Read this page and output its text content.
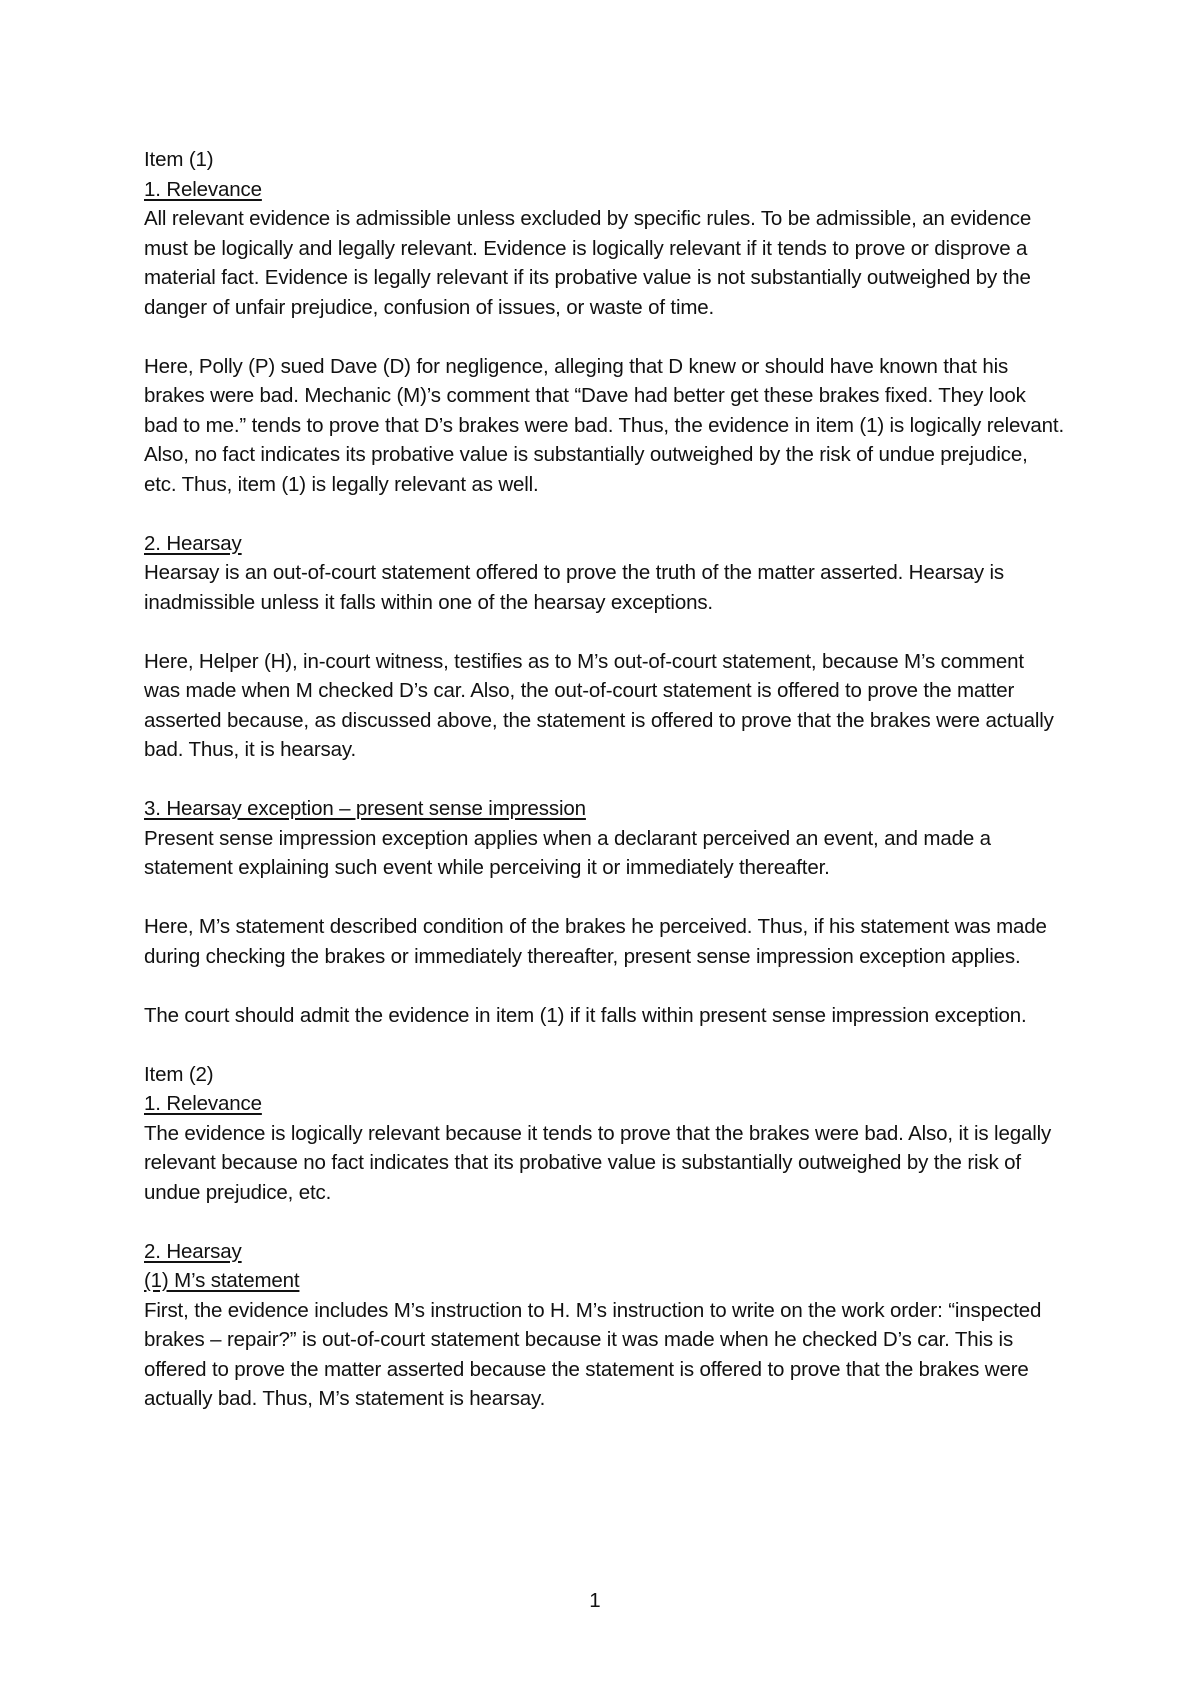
Item (1)

1. Relevance

All relevant evidence is admissible unless excluded by specific rules. To be admissible, an evidence must be logically and legally relevant. Evidence is logically relevant if it tends to prove or disprove a material fact. Evidence is legally relevant if its probative value is not substantially outweighed by the danger of unfair prejudice, confusion of issues, or waste of time.

Here, Polly (P) sued Dave (D) for negligence, alleging that D knew or should have known that his brakes were bad. Mechanic (M)’s comment that “Dave had better get these brakes fixed. They look bad to me.” tends to prove that D’s brakes were bad. Thus, the evidence in item (1) is logically relevant. Also, no fact indicates its probative value is substantially outweighed by the risk of undue prejudice, etc. Thus, item (1) is legally relevant as well.

2. Hearsay

Hearsay is an out-of-court statement offered to prove the truth of the matter asserted. Hearsay is inadmissible unless it falls within one of the hearsay exceptions.

Here, Helper (H), in-court witness, testifies as to M’s out-of-court statement, because M’s comment was made when M checked D’s car. Also, the out-of-court statement is offered to prove the matter asserted because, as discussed above, the statement is offered to prove that the brakes were actually bad. Thus, it is hearsay.

3. Hearsay exception – present sense impression

Present sense impression exception applies when a declarant perceived an event, and made a statement explaining such event while perceiving it or immediately thereafter.

Here, M’s statement described condition of the brakes he perceived. Thus, if his statement was made during checking the brakes or immediately thereafter, present sense impression exception applies.

The court should admit the evidence in item (1) if it falls within present sense impression exception.

Item (2)

1. Relevance

The evidence is logically relevant because it tends to prove that the brakes were bad. Also, it is legally relevant because no fact indicates that its probative value is substantially outweighed by the risk of undue prejudice, etc.

2. Hearsay

(1) M’s statement

First, the evidence includes M’s instruction to H. M’s instruction to write on the work order: “inspected brakes – repair?” is out-of-court statement because it was made when he checked D’s car. This is offered to prove the matter asserted because the statement is offered to prove that the brakes were actually bad. Thus, M’s statement is hearsay.

1
